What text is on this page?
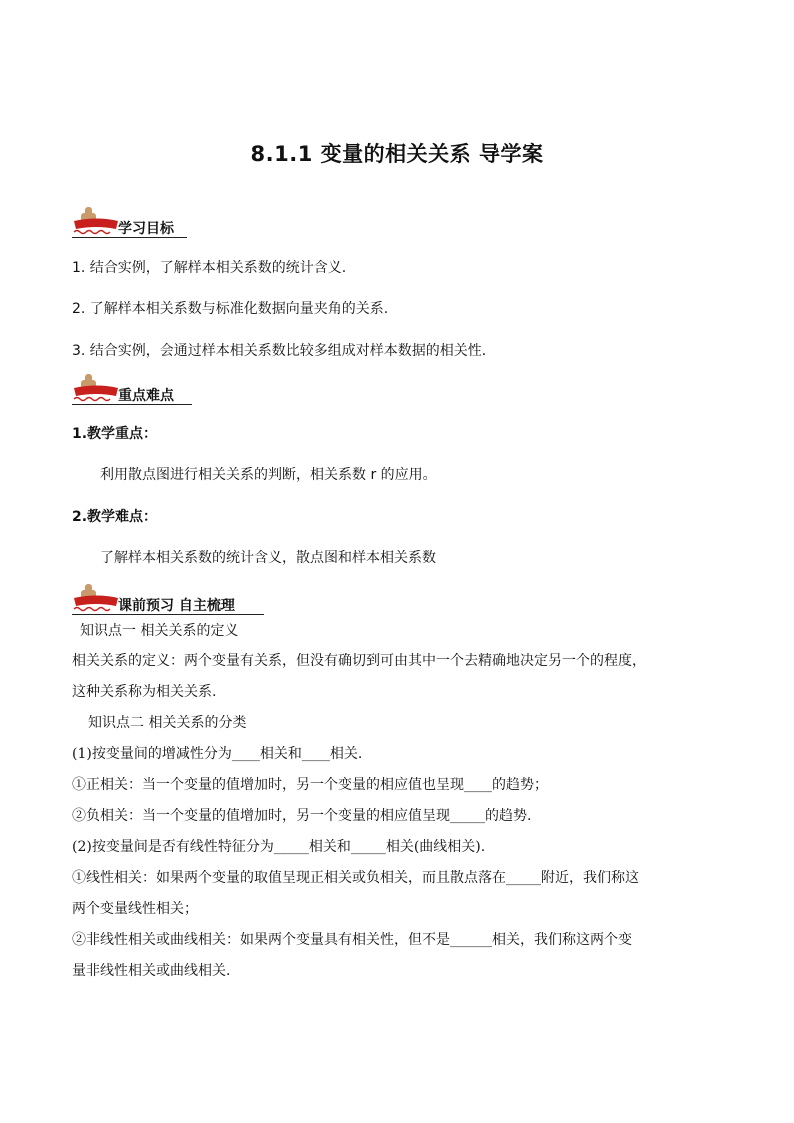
8.1.1 变量的相关关系 导学案
学习目标
1. 结合实例，了解样本相关系数的统计含义.
2. 了解样本相关系数与标准化数据向量夹角的关系.
3. 结合实例，会通过样本相关系数比较多组成对样本数据的相关性．
重点难点
1.教学重点：
利用散点图进行相关关系的判断，相关系数 r 的应用。
2.教学难点：
了解样本相关系数的统计含义，散点图和样本相关系数
课前预习 自主梳理
知识点一 相关关系的定义
相关关系的定义：两个变量有关系，但没有确切到可由其中一个去精确地决定另一个的程度，
这种关系称为相关关系.
知识点二 相关关系的分类
(1)按变量间的增减性分为____相关和____相关.
①正相关：当一个变量的值增加时，另一个变量的相应值也呈现____的趋势；
②负相关：当一个变量的值增加时，另一个变量的相应值呈现_____的趋势.
(2)按变量间是否有线性特征分为_____相关和_____相关(曲线相关).
①线性相关：如果两个变量的取值呈现正相关或负相关，而且散点落在_____附近，我们称这
两个变量线性相关；
②非线性相关或曲线相关：如果两个变量具有相关性，但不是______相关，我们称这两个变
量非线性相关或曲线相关.
